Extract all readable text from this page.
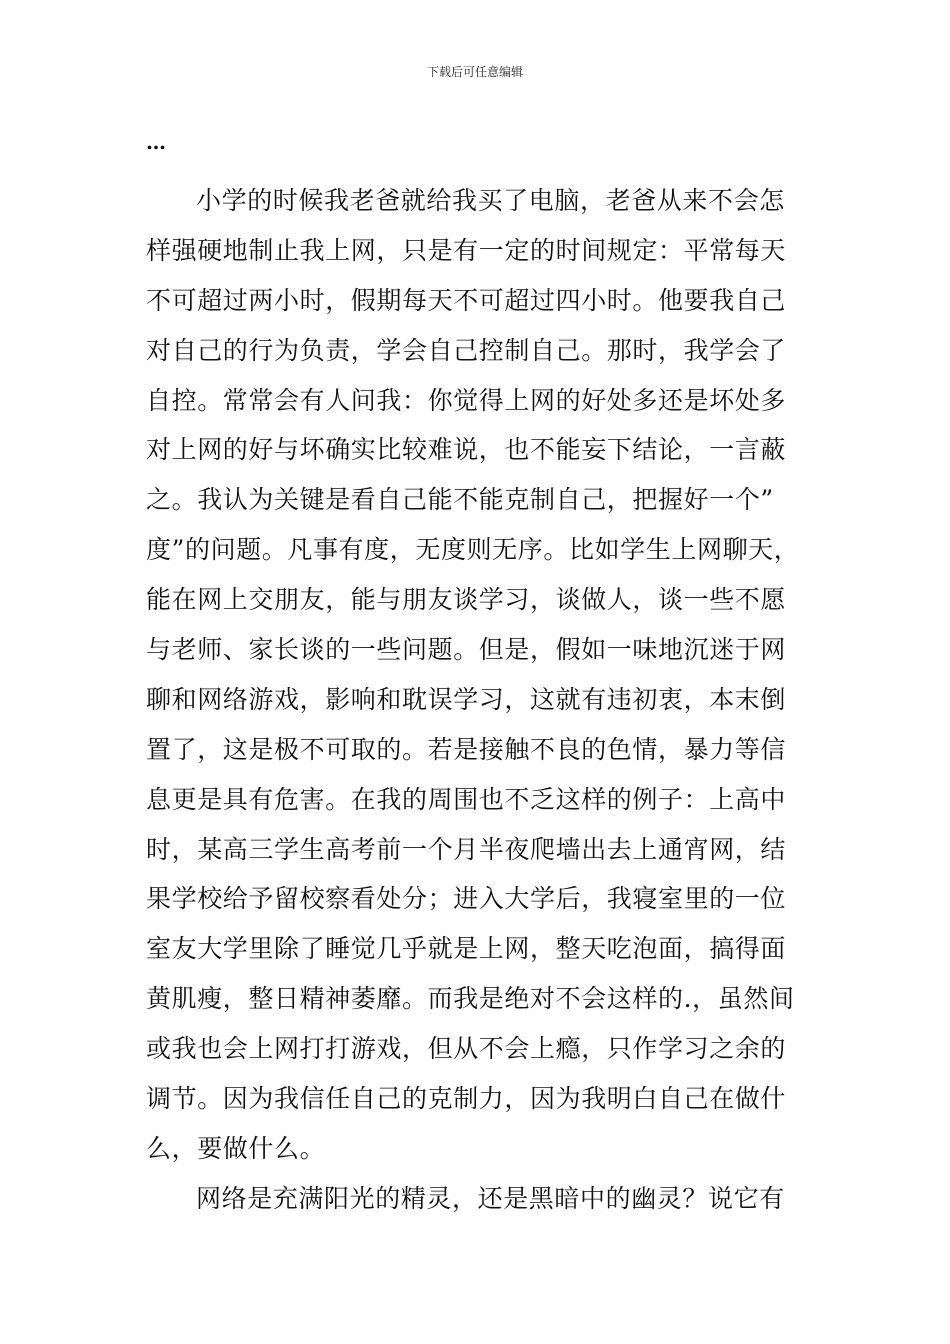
下载后可任意编辑
…
小学的时候我老爸就给我买了电脑，老爸从来不会怎
样强硬地制止我上网，只是有一定的时间规定：平常每天
不可超过两小时，假期每天不可超过四小时。他要我自己
对自己的行为负责，学会自己控制自己。那时，我学会了
自控。常常会有人问我：你觉得上网的好处多还是坏处多
对上网的好与坏确实比较难说，也不能妄下结论，一言蔽
之。我认为关键是看自己能不能克制自己，把握好一个”
度”的问题。凡事有度，无度则无序。比如学生上网聊天，
能在网上交朋友，能与朋友谈学习，谈做人，谈一些不愿
与老师、家长谈的一些问题。但是，假如一味地沉迷于网
聊和网络游戏，影响和耽误学习，这就有违初衷，本末倒
置了，这是极不可取的。若是接触不良的色情，暴力等信
息更是具有危害。在我的周围也不乏这样的例子：上高中
时，某高三学生高考前一个月半夜爬墙出去上通宵网，结
果学校给予留校察看处分；进入大学后，我寝室里的一位
室友大学里除了睡觉几乎就是上网，整天吃泡面，搞得面
黄肌瘦，整日精神萎靡。而我是绝对不会这样的.，虽然间
或我也会上网打打游戏，但从不会上瘾，只作学习之余的
调节。因为我信任自己的克制力，因为我明白自己在做什
么，要做什么。
网络是充满阳光的精灵，还是黑暗中的幽灵？说它有
